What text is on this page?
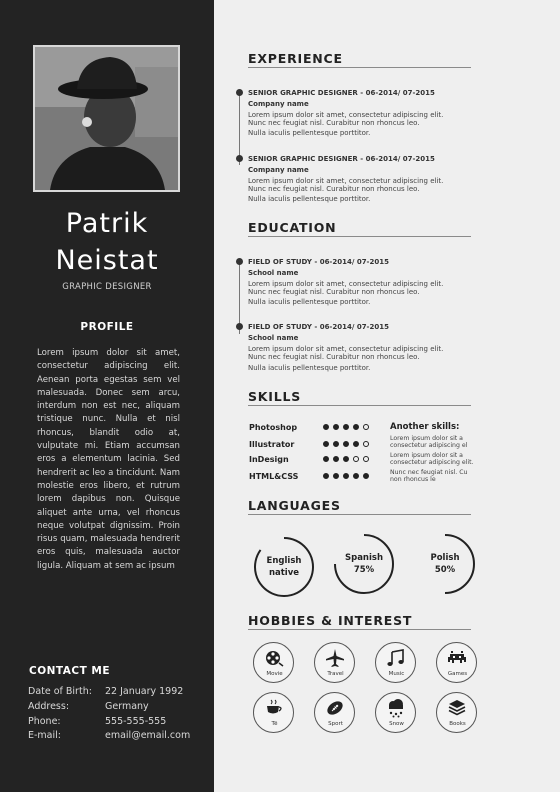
Patrik
Neistat
GRAPHIC DESIGNER
PROFILE
Lorem ipsum dolor sit amet, consectetur adipiscing elit. Aenean porta egestas sem vel malesuada. Donec sem arcu, interdum non est nec, aliquam tristique nunc. Nulla et nisl rhoncus, blandit odio at, vulputate mi. Etiam accumsan eros a elementum lacinia. Sed hendrerit ac leo a tincidunt. Nam molestie eros libero, et rutrum lorem dapibus non. Quisque aliquet ante urna, vel rhoncus neque volutpat dignissim. Proin risus quam, malesuada hendrerit eros quis, malesuada auctor ligula. Aliquam at sem ac ipsum
CONTACT ME
Date of Birth: 22 January 1992
Address:	Germany
Phone:	555-555-555
E-mail:	email@email.com
EXPERIENCE
SENIOR GRAPHIC DESIGNER - 06-2014/ 07-2015
Company name
Lorem ipsum dolor sit amet, consectetur adipiscing elit. Nunc nec feugiat nisl. Curabitur non rhoncus leo.
Nulla iaculis pellentesque porttitor.
SENIOR GRAPHIC DESIGNER - 06-2014/ 07-2015
Company name
Lorem ipsum dolor sit amet, consectetur adipiscing elit. Nunc nec feugiat nisl. Curabitur non rhoncus leo.
Nulla iaculis pellentesque porttitor.
EDUCATION
FIELD OF STUDY - 06-2014/ 07-2015
School name
Lorem ipsum dolor sit amet, consectetur adipiscing elit. Nunc nec feugiat nisl. Curabitur non rhoncus leo.
Nulla iaculis pellentesque porttitor.
FIELD OF STUDY - 06-2014/ 07-2015
School name
Lorem ipsum dolor sit amet, consectetur adipiscing elit. Nunc nec feugiat nisl. Curabitur non rhoncus leo.
Nulla iaculis pellentesque porttitor.
SKILLS
Photoshop
Illustrator
InDesign
HTML&CSS
Another skills:
Lorem ipsum dolor sit a consectetur adipiscing el
Lorem ipsum dolor sit a consectetur adipiscing elit.
Nunc nec feugiat nisl. Cu non rhoncus le
LANGUAGES
English
native
Spanish
75%
Polish
50%
HOBBIES & INTEREST
Movie	Travel	Music	Games
Të	Sport	Snow	Books
